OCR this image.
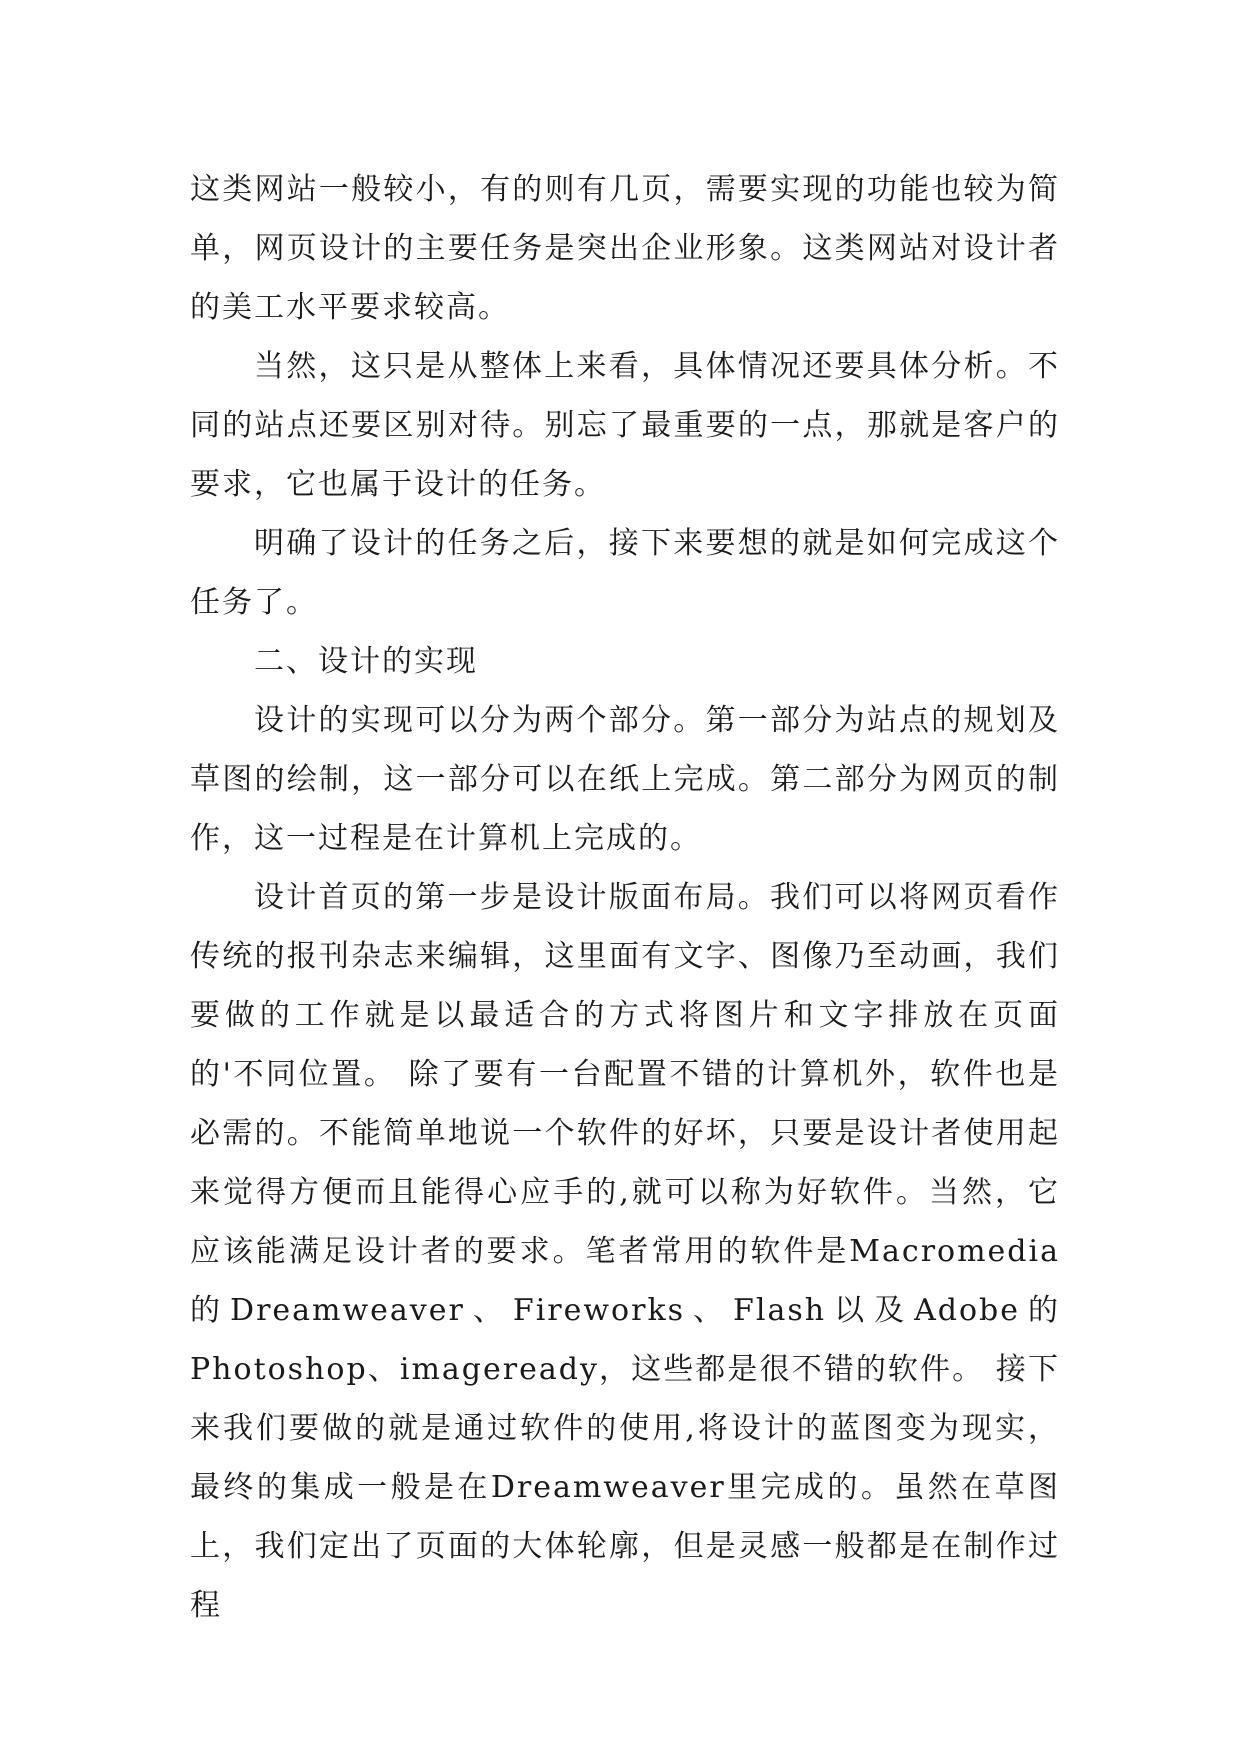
这类网站一般较小，有的则有几页，需要实现的功能也较为简单，网页设计的主要任务是突出企业形象。这类网站对设计者的美工水平要求较高。

当然，这只是从整体上来看，具体情况还要具体分析。不同的站点还要区别对待。别忘了最重要的一点，那就是客户的要求，它也属于设计的任务。

明确了设计的任务之后，接下来要想的就是如何完成这个任务了。

二、设计的实现

设计的实现可以分为两个部分。第一部分为站点的规划及草图的绘制，这一部分可以在纸上完成。第二部分为网页的制作，这一过程是在计算机上完成的。

设计首页的第一步是设计版面布局。我们可以将网页看作传统的报刊杂志来编辑，这里面有文字、图像乃至动画，我们要做的工作就是以最适合的方式将图片和文字排放在页面的'不同位置。 除了要有一台配置不错的计算机外，软件也是必需的。不能简单地说一个软件的好坏，只要是设计者使用起来觉得方便而且能得心应手的,就可以称为好软件。当然，它应该能满足设计者的要求。笔者常用的软件是Macromedia的Dreamweaver、Fireworks、Flash以及Adobe的Photoshop、imageready，这些都是很不错的软件。 接下来我们要做的就是通过软件的使用,将设计的蓝图变为现实，最终的集成一般是在Dreamweaver里完成的。虽然在草图上，我们定出了页面的大体轮廓，但是灵感一般都是在制作过程
